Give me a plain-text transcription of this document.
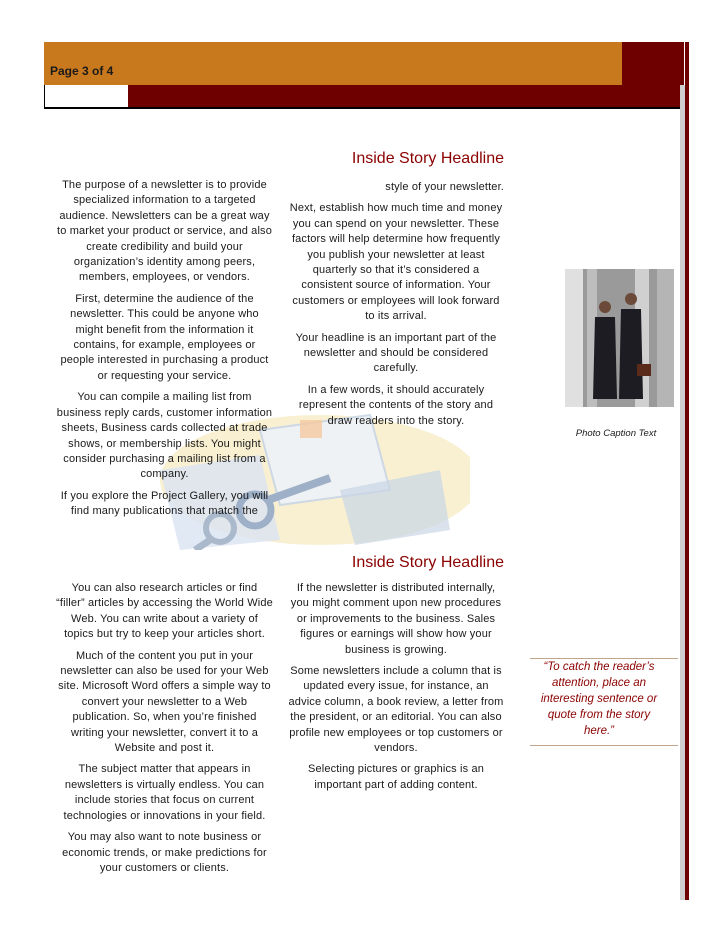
Page 3 of 4
Inside Story Headline

The purpose of a newsletter is to provide specialized information to a targeted audience. Newsletters can be a great way to market your product or service, and also create credibility and build your organization’s identity among peers, members, employees, or vendors.

First, determine the audience of the newsletter. This could be anyone who might benefit from the information it contains, for example, employees or people interested in purchasing a product or requesting your service.

You can compile a mailing list from business reply cards, customer information sheets, Business cards collected at trade shows, or membership lists. You might consider purchasing a mailing list from a company.

If you explore the Project Gallery, you will find many publications that match the

style of your newsletter.

Next, establish how much time and money you can spend on your newsletter. These factors will help determine how frequently you publish your newsletter at least quarterly so that it’s considered a consistent source of information. Your customers or employees will look forward to its arrival.

Your headline is an important part of the newsletter and should be considered carefully.

In a few words, it should accurately represent the contents of the story and draw readers into the story.

Photo Caption Text
Inside Story Headline

You can also research articles or find “filler” articles by accessing the World Wide Web. You can write about a variety of topics but try to keep your articles short.

Much of the content you put in your newsletter can also be used for your Web site. Microsoft Word offers a simple way to convert your newsletter to a Web publication. So, when you’re finished writing your newsletter, convert it to a Website and post it.

The subject matter that appears in newsletters is virtually endless. You can include stories that focus on current technologies or innovations in your field.

You may also want to note business or economic trends, or make predictions for your customers or clients.

If the newsletter is distributed internally, you might comment upon new procedures or improvements to the business. Sales figures or earnings will show how your business is growing.

Some newsletters include a column that is updated every issue, for instance, an advice column, a book review, a letter from the president, or an editorial. You can also profile new employees or top customers or vendors.

Selecting pictures or graphics is an important part of adding content.

“To catch the reader’s attention, place an interesting sentence or quote from the story here.”
